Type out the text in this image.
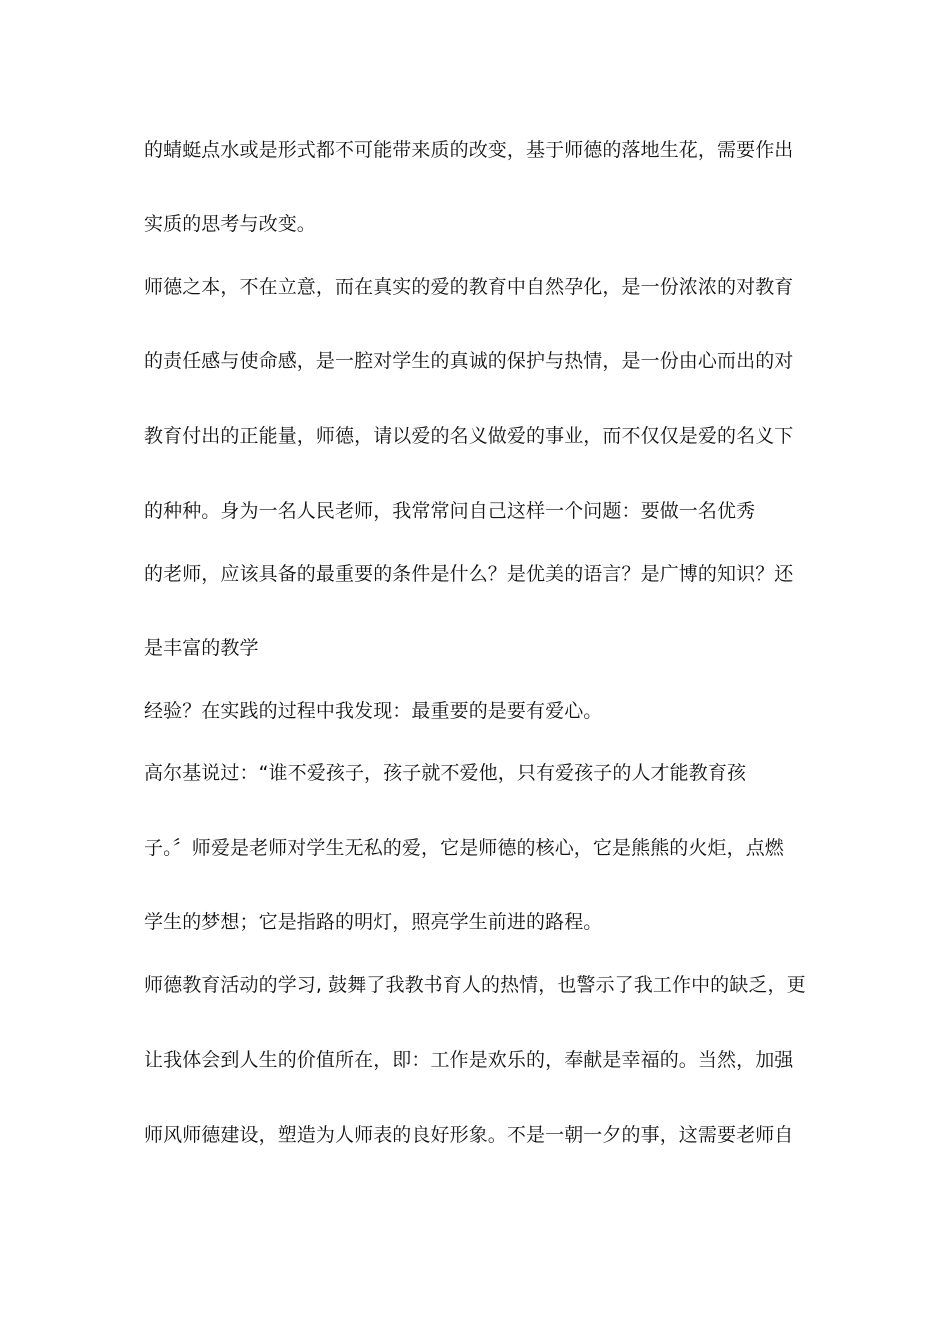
的蜻蜓点水或是形式都不可能带来质的改变，基于师德的落地生花，需要作出
实质的思考与改变。
师德之本，不在立意，而在真实的爱的教育中自然孕化，是一份浓浓的对教育
的责任感与使命感，是一腔对学生的真诚的保护与热情，是一份由心而出的对
教育付出的正能量，师德，请以爱的名义做爱的事业，而不仅仅是爱的名义下
的种种。身为一名人民老师，我常常问自己这样一个问题：要做一名优秀
的老师，应该具备的最重要的条件是什么？是优美的语言？是广博的知识？还
是丰富的教学
经验？在实践的过程中我发现：最重要的是要有爱心。
高尔基说过：“谁不爱孩子，孩子就不爱他，只有爱孩子的人才能教育孩
子。〞师爱是老师对学生无私的爱，它是师德的核心，它是熊熊的火炬，点燃
学生的梦想；它是指路的明灯，照亮学生前进的路程。
师德教育活动的学习, 鼓舞了我教书育人的热情，也警示了我工作中的缺乏，更
让我体会到人生的价值所在，即：工作是欢乐的，奉献是幸福的。当然，加强
师风师德建设，塑造为人师表的良好形象。不是一朝一夕的事，这需要老师自
